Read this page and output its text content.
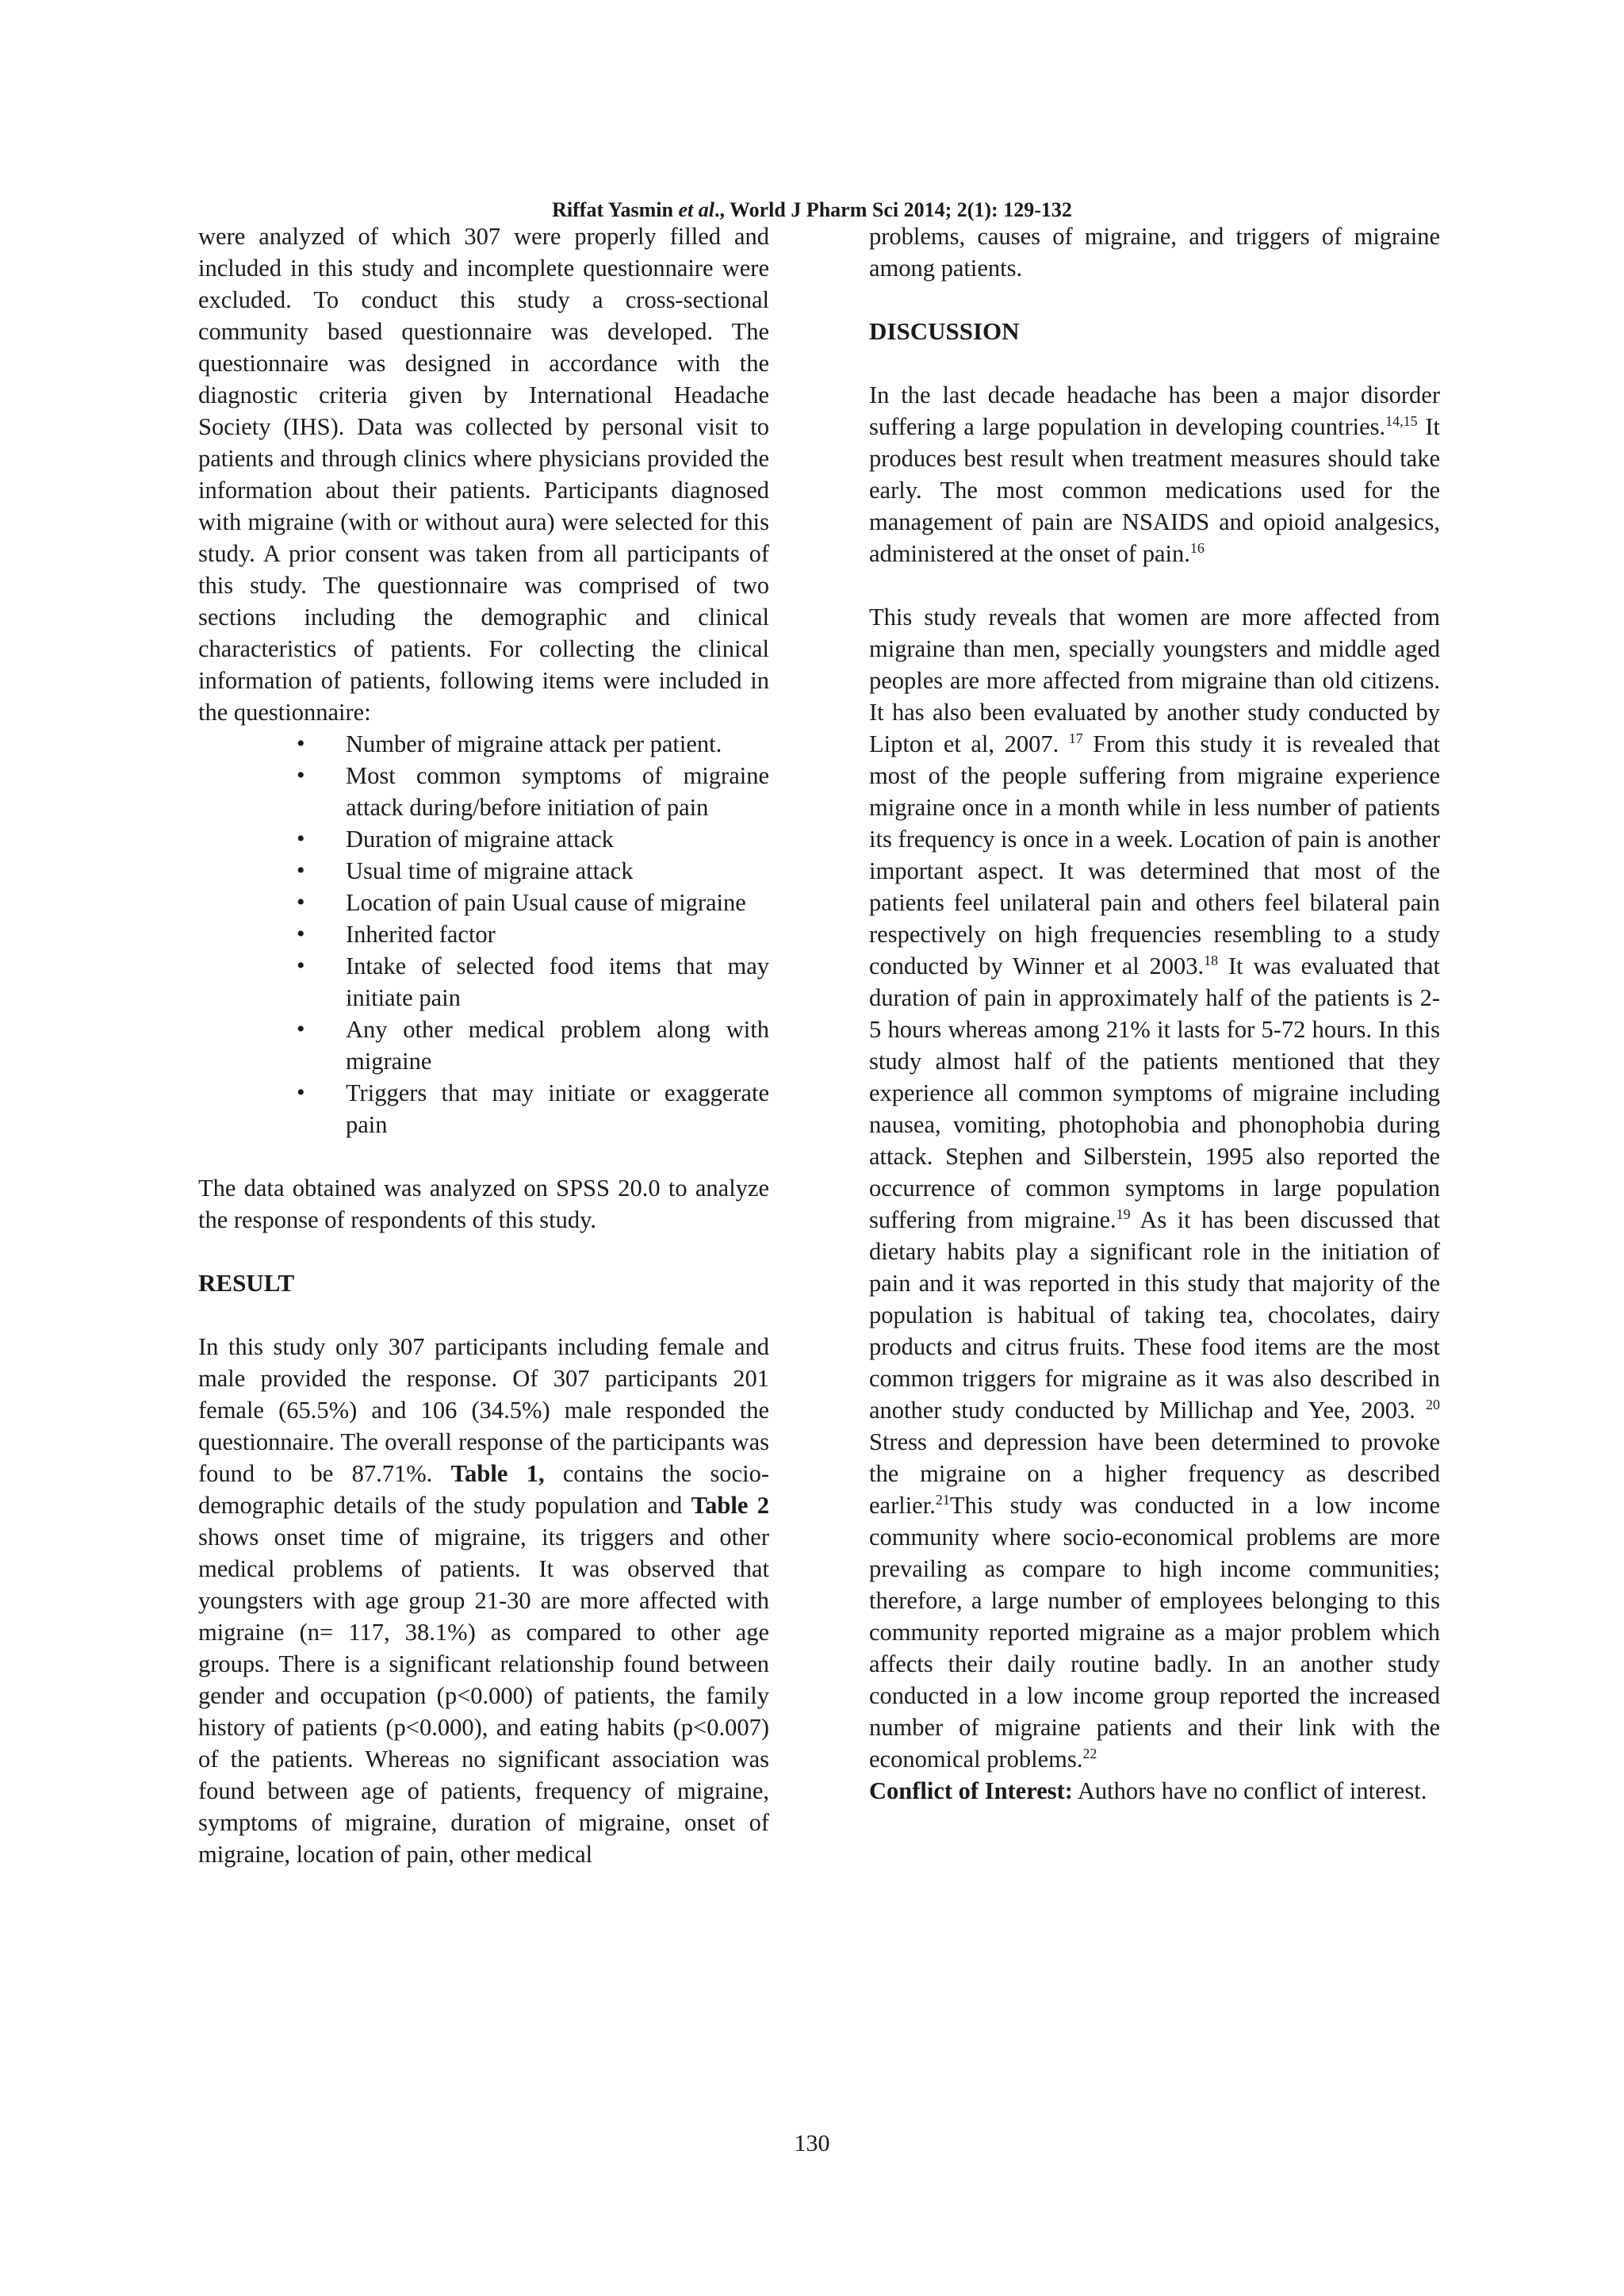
Riffat Yasmin et al., World J Pharm Sci 2014; 2(1): 129-132

were analyzed of which 307 were properly filled and included in this study and incomplete questionnaire were excluded. To conduct this study a cross-sectional community based questionnaire was developed. The questionnaire was designed in accordance with the diagnostic criteria given by International Headache Society (IHS). Data was collected by personal visit to patients and through clinics where physicians provided the information about their patients. Participants diagnosed with migraine (with or without aura) were selected for this study. A prior consent was taken from all participants of this study. The questionnaire was comprised of two sections including the demographic and clinical characteristics of patients. For collecting the clinical information of patients, following items were included in the questionnaire:

• Number of migraine attack per patient.
• Most common symptoms of migraine attack during/before initiation of pain
• Duration of migraine attack
• Usual time of migraine attack
• Location of pain Usual cause of migraine
• Inherited factor
• Intake of selected food items that may initiate pain
• Any other medical problem along with migraine
• Triggers that may initiate or exaggerate pain

The data obtained was analyzed on SPSS 20.0 to analyze the response of respondents of this study.

RESULT

In this study only 307 participants including female and male provided the response. Of 307 participants 201 female (65.5%) and 106 (34.5%) male responded the questionnaire. The overall response of the participants was found to be 87.71%. Table 1, contains the socio-demographic details of the study population and Table 2 shows onset time of migraine, its triggers and other medical problems of patients. It was observed that youngsters with age group 21-30 are more affected with migraine (n= 117, 38.1%) as compared to other age groups. There is a significant relationship found between gender and occupation (p<0.000) of patients, the family history of patients (p<0.000), and eating habits (p<0.007) of the patients. Whereas no significant association was found between age of patients, frequency of migraine, symptoms of migraine, duration of migraine, onset of migraine, location of pain, other medical

problems, causes of migraine, and triggers of migraine among patients.

DISCUSSION

In the last decade headache has been a major disorder suffering a large population in developing countries.$^{14,15}$ It produces best result when treatment measures should take early. The most common medications used for the management of pain are NSAIDS and opioid analgesics, administered at the onset of pain.$^{16}$

This study reveals that women are more affected from migraine than men, specially youngsters and middle aged peoples are more affected from migraine than old citizens. It has also been evaluated by another study conducted by Lipton et al, 2007. $^{17}$ From this study it is revealed that most of the people suffering from migraine experience migraine once in a month while in less number of patients its frequency is once in a week. Location of pain is another important aspect. It was determined that most of the patients feel unilateral pain and others feel bilateral pain respectively on high frequencies resembling to a study conducted by Winner et al 2003.18 It was evaluated that duration of pain in approximately half of the patients is 2-5 hours whereas among 21% it lasts for 5-72 hours. In this study almost half of the patients mentioned that they experience all common symptoms of migraine including nausea, vomiting, photophobia and phonophobia during attack. Stephen and Silberstein, 1995 also reported the occurrence of common symptoms in large population suffering from migraine.$^{19}$ As it has been discussed that dietary habits play a significant role in the initiation of pain and it was reported in this study that majority of the population is habitual of taking tea, chocolates, dairy products and citrus fruits. These food items are the most common triggers for migraine as it was also described in another study conducted by Millichap and Yee, 2003. $^{20}$ Stress and depression have been determined to provoke the migraine on a higher frequency as described earlier.$^{21}$This study was conducted in a low income community where socio-economical problems are more prevailing as compare to high income communities; therefore, a large number of employees belonging to this community reported migraine as a major problem which affects their daily routine badly. In an another study conducted in a low income group reported the increased number of migraine patients and their link with the economical problems.$^{22}$

Conflict of Interest: Authors have no conflict of interest.

130
